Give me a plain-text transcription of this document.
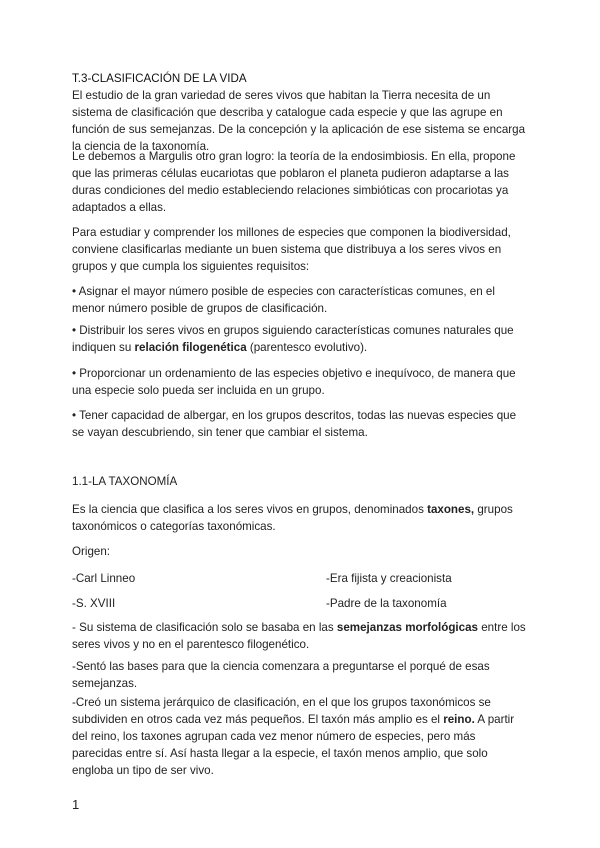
T.3-CLASIFICACIÓN DE LA VIDA

El estudio de la gran variedad de seres vivos que habitan la Tierra necesita de un sistema de clasificación que describa y catalogue cada especie y que las agrupe en función de sus semejanzas. De la concepción y la aplicación de ese sistema se encarga la ciencia de la taxonomía.

Le debemos a Margulis otro gran logro: la teoría de la endosimbiosis. En ella, propone que las primeras células eucariotas que poblaron el planeta pudieron adaptarse a las duras condiciones del medio estableciendo relaciones simbióticas con procariotas ya adaptados a ellas.

Para estudiar y comprender los millones de especies que componen la biodiversidad, conviene clasificarlas mediante un buen sistema que distribuya a los seres vivos en grupos y que cumpla los siguientes requisitos:

• Asignar el mayor número posible de especies con características comunes, en el menor número posible de grupos de clasificación.

• Distribuir los seres vivos en grupos siguiendo características comunes naturales que indiquen su relación filogenética (parentesco evolutivo).

• Proporcionar un ordenamiento de las especies objetivo e inequívoco, de manera que una especie solo pueda ser incluida en un grupo.

• Tener capacidad de albergar, en los grupos descritos, todas las nuevas especies que se vayan descubriendo, sin tener que cambiar el sistema.

1.1-LA TAXONOMÍA

Es la ciencia que clasifica a los seres vivos en grupos, denominados taxones, grupos taxonómicos o categorías taxonómicas.

Origen:

-Carl Linneo	-Era fijista y creacionista

-S. XVIII	-Padre de la taxonomía

- Su sistema de clasificación solo se basaba en las semejanzas morfológicas entre los seres vivos y no en el parentesco filogenético.

-Sentó las bases para que la ciencia comenzara a preguntarse el porqué de esas semejanzas.

-Creó un sistema jerárquico de clasificación, en el que los grupos taxonómicos se subdividen en otros cada vez más pequeños. El taxón más amplio es el reino. A partir del reino, los taxones agrupan cada vez menor número de especies, pero más parecidas entre sí. Así hasta llegar a la especie, el taxón menos amplio, que solo engloba un tipo de ser vivo.

1
